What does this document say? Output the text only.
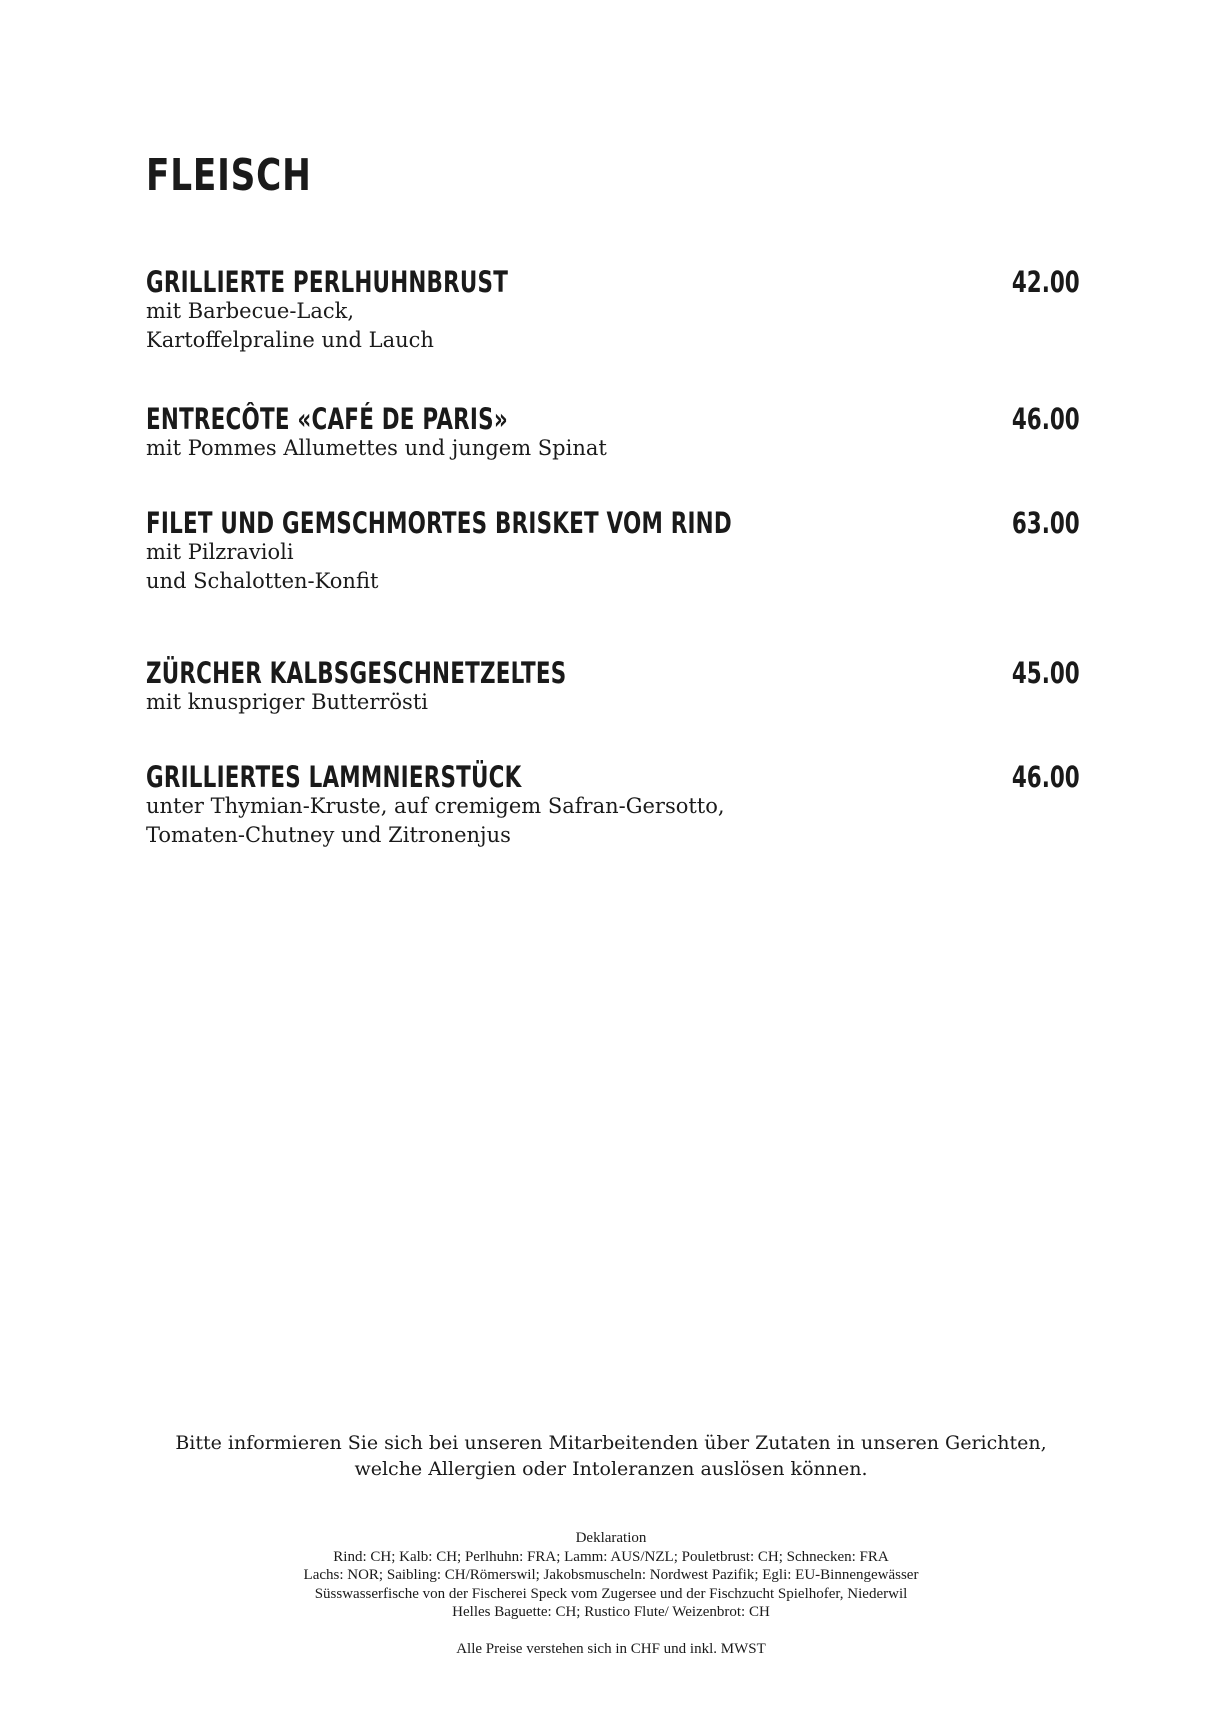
FLEISCH
GRILLIERTE PERLHUHNBRUST	42.00
mit Barbecue-Lack,
Kartoffelpraline und Lauch
ENTRECÔTE «CAFÉ DE PARIS»	46.00
mit Pommes Allumettes und jungem Spinat
FILET UND GEMSCHMORTES BRISKET VOM RIND	63.00
mit Pilzravioli
und Schalotten-Konfit
ZÜRCHER KALBSGESCHNETZELTES	45.00
mit knuspriger Butterrösti
GRILLIERTES LAMMNIERSTÜCK	46.00
unter Thymian-Kruste, auf cremigem Safran-Gersotto,
Tomaten-Chutney und Zitronenjus
Bitte informieren Sie sich bei unseren Mitarbeitenden über Zutaten in unseren Gerichten,
welche Allergien oder Intoleranzen auslösen können.
Deklaration
Rind: CH; Kalb: CH; Perlhuhn: FRA; Lamm: AUS/NZL; Pouletbrust: CH; Schnecken: FRA
Lachs: NOR; Saibling: CH/Römerswil; Jakobsmuscheln: Nordwest Pazifik; Egli: EU-Binnengewässer
Süsswasserfische von der Fischerei Speck vom Zugersee und der Fischzucht Spielhofer, Niederwil
Helles Baguette: CH; Rustico Flute/ Weizenbrot: CH
Alle Preise verstehen sich in CHF und inkl. MWST
